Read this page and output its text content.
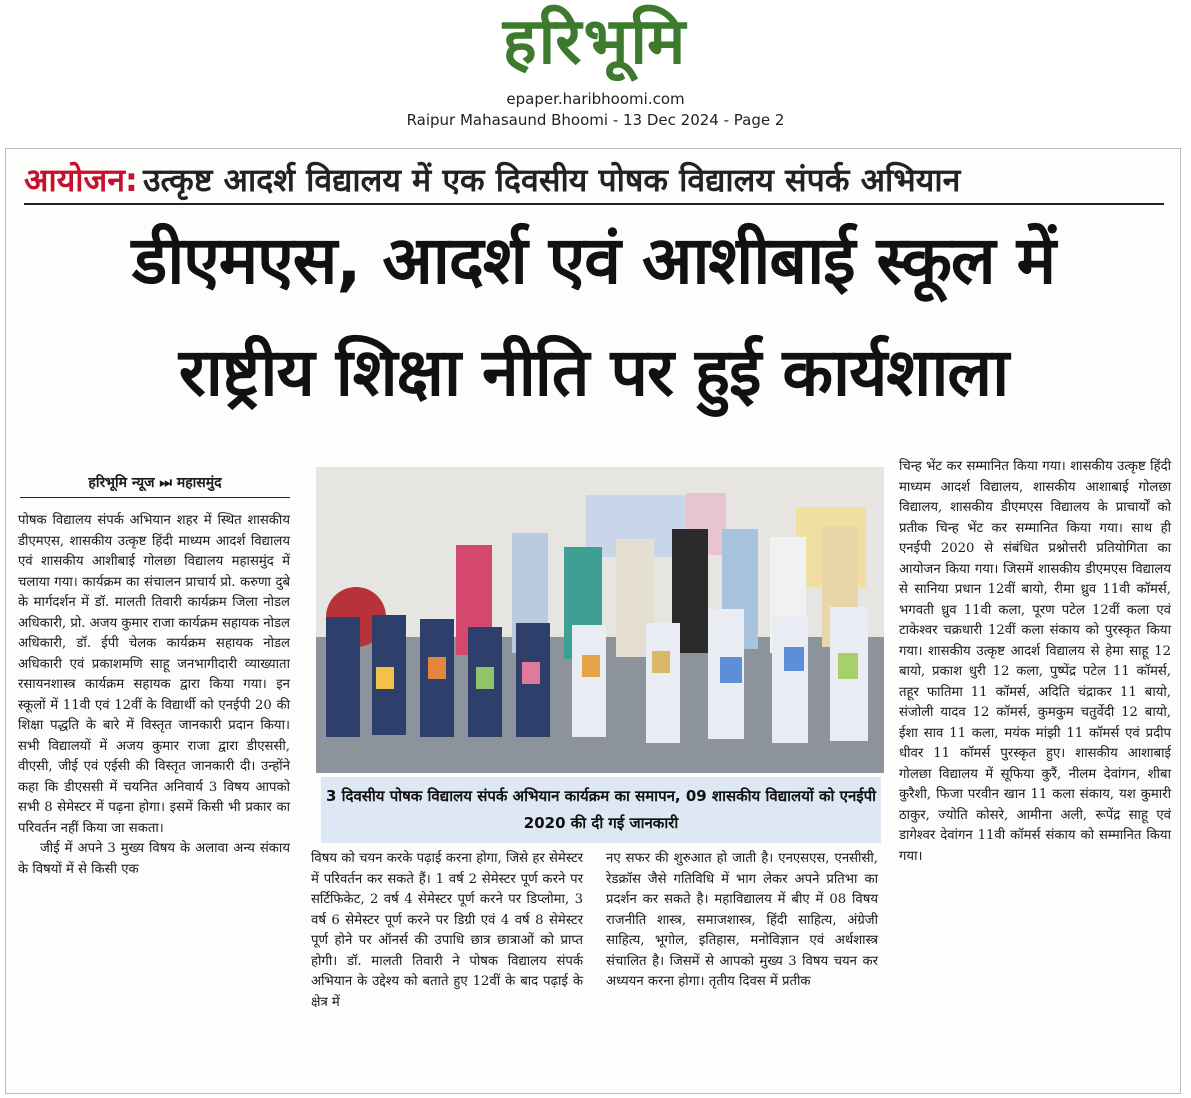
हरिभूमि
epaper.haribhoomi.com
Raipur Mahasaund Bhoomi - 13 Dec 2024 - Page 2
आयोजन: उत्कृष्ट आदर्श विद्यालय में एक दिवसीय पोषक विद्यालय संपर्क अभियान
डीएमएस, आदर्श एवं आशीबाई स्कूल में
राष्ट्रीय शिक्षा नीति पर हुई कार्यशाला
हरिभूमि न्यूज ⏭ महासमुंद

पोषक विद्यालय संपर्क अभियान शहर में स्थित शासकीय डीएमएस, शासकीय उत्कृष्ट हिंदी माध्यम आदर्श विद्यालय एवं शासकीय आशीबाई गोलछा विद्यालय महासमुंद में चलाया गया। कार्यक्रम का संचालन प्राचार्य प्रो. करुणा दुबे के मार्गदर्शन में डॉ. मालती तिवारी कार्यक्रम जिला नोडल अधिकारी, प्रो. अजय कुमार राजा कार्यक्रम सहायक नोडल अधिकारी, डॉ. ईपी चेलक कार्यक्रम सहायक नोडल अधिकारी एवं प्रकाशमणि साहू जनभागीदारी व्याख्याता रसायनशास्त्र कार्यक्रम सहायक द्वारा किया गया। इन स्कूलों में 11वी एवं 12वीं के विद्यार्थी को एनईपी 20 की शिक्षा पद्धति के बारे में विस्तृत जानकारी प्रदान किया। सभी विद्यालयों में अजय कुमार राजा द्वारा डीएससी, वीएसी, जीई एवं एईसी की विस्तृत जानकारी दी। उन्होंने कहा कि डीएससी में चयनित अनिवार्य 3 विषय आपको सभी 8 सेमेस्टर में पढ़ना होगा। इसमें किसी भी प्रकार का परिवर्तन नहीं किया जा सकता।

जीई में अपने 3 मुख्य विषय के अलावा अन्य संकाय के विषयों में से किसी एक

3 दिवसीय पोषक विद्यालय संपर्क अभियान कार्यक्रम का समापन, 09 शासकीय विद्यालयों को एनईपी 2020 की दी गई जानकारी

विषय को चयन करके पढ़ाई करना होगा, जिसे हर सेमेस्टर में परिवर्तन कर सकते हैं। 1 वर्ष 2 सेमेस्टर पूर्ण करने पर सर्टिफिकेट, 2 वर्ष 4 सेमेस्टर पूर्ण करने पर डिप्लोमा, 3 वर्ष 6 सेमेस्टर पूर्ण करने पर डिग्री एवं 4 वर्ष 8 सेमेस्टर पूर्ण होने पर ऑनर्स की उपाधि छात्र छात्राओं को प्राप्त होगी। डॉ. मालती तिवारी ने पोषक विद्यालय संपर्क अभियान के उद्देश्य को बताते हुए 12वीं के बाद पढ़ाई के क्षेत्र में

नए सफर की शुरुआत हो जाती है। एनएसएस, एनसीसी, रेडक्रॉस जैसे गतिविधि में भाग लेकर अपने प्रतिभा का प्रदर्शन कर सकते है। महाविद्यालय में बीए में 08 विषय राजनीति शास्त्र, समाजशास्त्र, हिंदी साहित्य, अंग्रेजी साहित्य, भूगोल, इतिहास, मनोविज्ञान एवं अर्थशास्त्र संचालित है। जिसमें से आपको मुख्य 3 विषय चयन कर अध्ययन करना होगा। तृतीय दिवस में प्रतीक

चिन्ह भेंट कर सम्मानित किया गया। शासकीय उत्कृष्ट हिंदी माध्यम आदर्श विद्यालय, शासकीय आशाबाई गोलछा विद्यालय, शासकीय डीएमएस विद्यालय के प्राचार्यों को प्रतीक चिन्ह भेंट कर सम्मानित किया गया। साथ ही एनईपी 2020 से संबंधित प्रश्नोत्तरी प्रतियोगिता का आयोजन किया गया। जिसमें शासकीय डीएमएस विद्यालय से सानिया प्रधान 12वीं बायो, रीमा ध्रुव 11वी कॉमर्स, भगवती ध्रुव 11वी कला, पूरण पटेल 12वीं कला एवं टाकेश्वर चक्रधारी 12वीं कला संकाय को पुरस्कृत किया गया। शासकीय उत्कृष्ट आदर्श विद्यालय से हेमा साहू 12 बायो, प्रकाश धुरी 12 कला, पुष्पेंद्र पटेल 11 कॉमर्स, तहूर फातिमा 11 कॉमर्स, अदिति चंद्राकर 11 बायो, संजोली यादव 12 कॉमर्स, कुमकुम चतुर्वेदी 12 बायो, ईशा साव 11 कला, मयंक मांझी 11 कॉमर्स एवं प्रदीप धीवर 11 कॉमर्स पुरस्कृत हुए। शासकीय आशाबाई गोलछा विद्यालय में सूफिया कुरैं, नीलम देवांगन, शीबा कुरैशी, फिजा परवीन खान 11 कला संकाय, यश कुमारी ठाकुर, ज्योति कोसरे, आमीना अली, रूपेंद्र साहू एवं डागेश्वर देवांगन 11वी कॉमर्स संकाय को सम्मानित किया गया।
